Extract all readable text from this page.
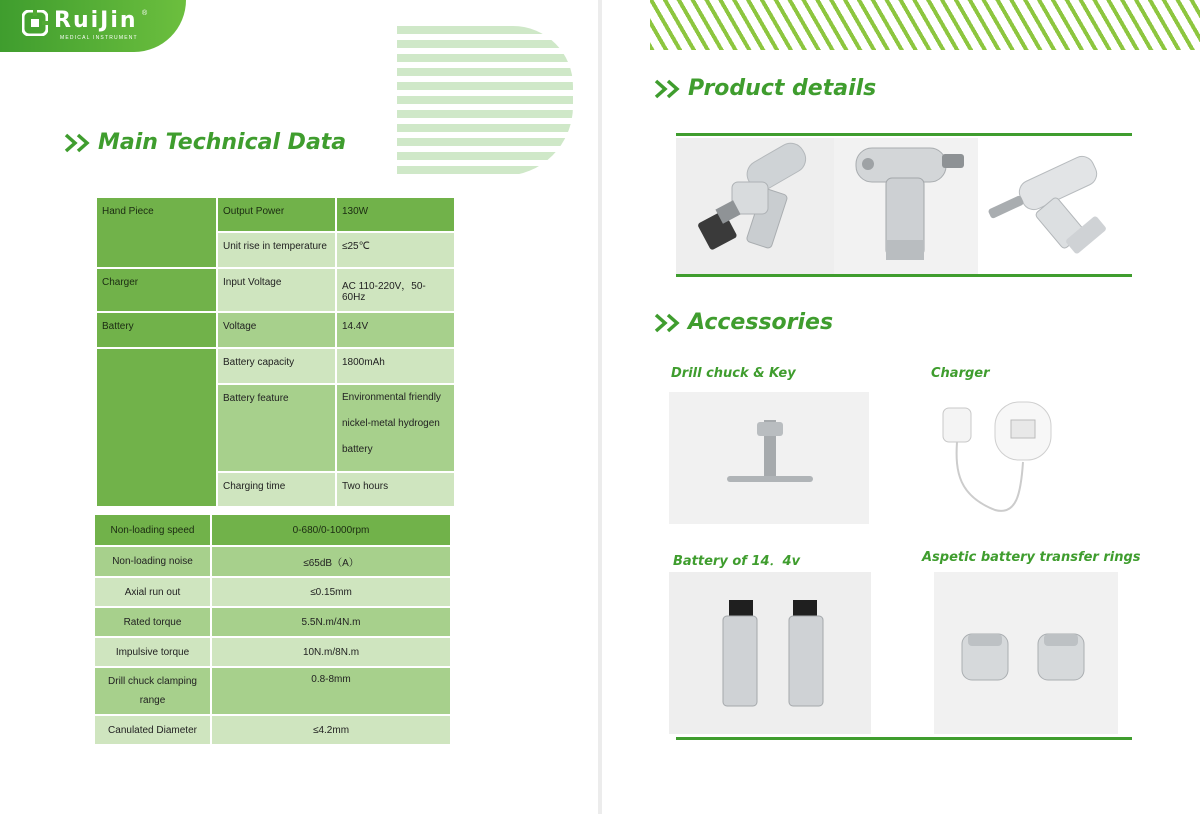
RuiJin ®
MEDICAL INSTRUMENT
Main Technical Data
Hand Piece	Output Power	130W
	Unit rise in temperature	≤25℃
Charger	Input Voltage	AC 110-220V，50-60Hz
Battery	Voltage	14.4V
	Battery capacity	1800mAh
	Battery feature	Environmental friendly
nickel-metal hydrogen
battery

	Charging time	Two hours
Non-loading speed	0-680/0-1000rpm
Non-loading noise	≤65dB（A）
Axial run out	≤0.15mm
Rated torque	5.5N.m/4N.m
Impulsive torque	10N.m/8N.m

Drill chuck clamping
range	0.8-8mm
Canulated Diameter	≤4.2mm
Product details
Accessories
Drill chuck & Key	Charger
Battery of 14．4v	Aspetic battery transfer rings
